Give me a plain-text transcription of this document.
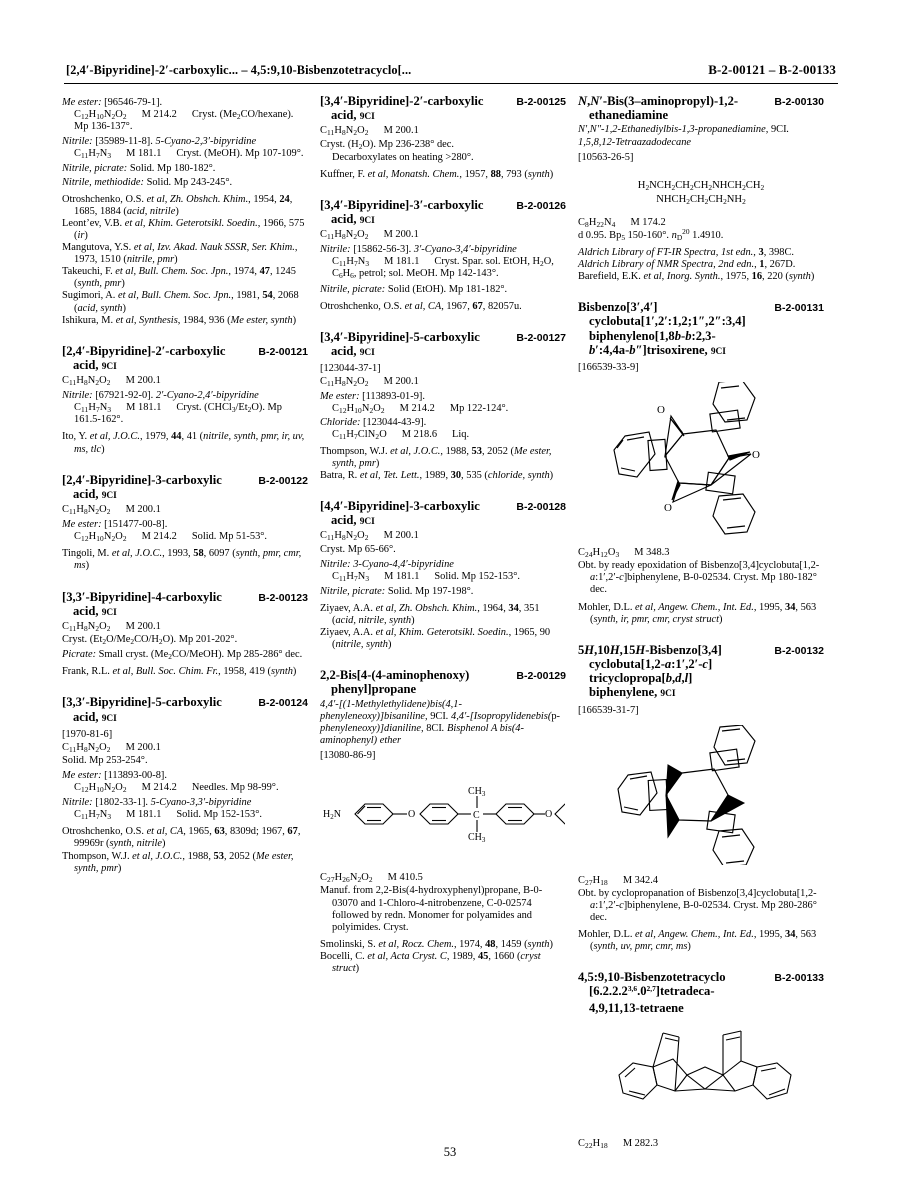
[2,4′-Bipyridine]-2′-carboxylic... – 4,5:9,10-Bisbenzotetracyclo[...	B-2-00121 – B-2-00133
Me ester: [96546-79-1].
$C_{12}H_{10}N_2O_2$ M 214.2 Cryst. $(Me_2CO/hexane)$. Mp 136-137°.
Nitrile: [35989-11-8]. 5-Cyano-2,3′-bipyridine
$C_{11}H_7N_3$ M 181.1 Cryst. (MeOH). Mp 107-109°.
Nitrile, picrate: Solid. Mp 180-182°.
Nitrile, methiodide: Solid. Mp 243-245°.
Otroshchenko, O.S. et al, Zh. Obshch. Khim., 1954, 24, 1685, 1884 (acid, nitrile)
Leont’ev, V.B. et al, Khim. Geterotsikl. Soedin., 1966, 575 (ir)
Mangutova, Y.S. et al, Izv. Akad. Nauk SSSR, Ser. Khim., 1973, 1510 (nitrile, pmr)
Takeuchi, F. et al, Bull. Chem. Soc. Jpn., 1974, 47, 1245 (synth, pmr)
Sugimori, A. et al, Bull. Chem. Soc. Jpn., 1981, 54, 2068 (acid, synth)
Ishikura, M. et al, Synthesis, 1984, 936 (Me ester, synth)
[2,4′-Bipyridine]-2′-carboxylic
acid, 9CI
B-2-00121
$C_{11}H_8N_2O_2$ M 200.1
Nitrile: [67921-92-0]. 2′-Cyano-2,4′-bipyridine
$C_{11}H_7N_3$ M 181.1 Cryst. $(CHCl_3/Et_2O)$. Mp 161.5-162°.
Ito, Y. et al, J.O.C., 1979, 44, 41 (nitrile, synth, pmr, ir, uv, ms, tlc)
[2,4′-Bipyridine]-3-carboxylic
acid, 9CI
B-2-00122
$C_{11}H_8N_2O_2$ M 200.1
Me ester: [151477-00-8].
$C_{12}H_{10}N_2O_2$ M 214.2 Solid. Mp 51-53°.
Tingoli, M. et al, J.O.C., 1993, 58, 6097 (synth, pmr, cmr, ms)
[3,3′-Bipyridine]-4-carboxylic
acid, 9CI
B-2-00123
$C_{11}H_8N_2O_2$ M 200.1
Cryst. $(Et_2O/Me_2CO/H_2O)$. Mp 201-202°.
Picrate: Small cryst. $(Me_2CO/MeOH)$. Mp 285-286° dec.
Frank, R.L. et al, Bull. Soc. Chim. Fr., 1958, 419 (synth)
[3,3′-Bipyridine]-5-carboxylic
acid, 9CI
B-2-00124
[1970-81-6]
$C_{11}H_8N_2O_2$ M 200.1
Solid. Mp 253-254°.
Me ester: [113893-00-8].
$C_{12}H_{10}N_2O_2$ M 214.2 Needles. Mp 98-99°.
Nitrile: [1802-33-1]. 5-Cyano-3,3′-bipyridine
$C_{11}H_7N_3$ M 181.1 Solid. Mp 152-153°.
Otroshchenko, O.S. et al, CA, 1965, 63, 8309d; 1967, 67, 99969r (synth, nitrile)
Thompson, W.J. et al, J.O.C., 1988, 53, 2052 (Me ester, synth, pmr)
[3,4′-Bipyridine]-2′-carboxylic
acid, 9CI
B-2-00125
$C_{11}H_8N_2O_2$ M 200.1
Cryst. $(H_2O)$. Mp 236-238° dec.
Decarboxylates on heating >280°.
Kuffner, F. et al, Monatsh. Chem., 1957, 88, 793 (synth)
[3,4′-Bipyridine]-3′-carboxylic
acid, 9CI
B-2-00126
$C_{11}H_8N_2O_2$ M 200.1
Nitrile: [15862-56-3]. 3′-Cyano-3,4′-bipyridine
$C_{11}H_7N_3$ M 181.1 Cryst. Spar. sol. EtOH, $H_2O$, $C_6H_6$, petrol; sol. MeOH. Mp 142-143°.
Nitrile, picrate: Solid (EtOH). Mp 181-182°.
Otroshchenko, O.S. et al, CA, 1967, 67, 82057u.
[3,4′-Bipyridine]-5-carboxylic
acid, 9CI
B-2-00127
[123044-37-1]
$C_{11}H_8N_2O_2$ M 200.1
Me ester: [113893-01-9].
$C_{12}H_{10}N_2O_2$ M 214.2 Mp 122-124°.
Chloride: [123044-43-9].
$C_{11}H_7ClN_2O$ M 218.6 Liq.
Thompson, W.J. et al, J.O.C., 1988, 53, 2052 (Me ester, synth, pmr)
Batra, R. et al, Tet. Lett., 1989, 30, 535 (chloride, synth)
[4,4′-Bipyridine]-3-carboxylic
acid, 9CI
B-2-00128
$C_{11}H_8N_2O_2$ M 200.1
Cryst. Mp 65-66°.
Nitrile: 3-Cyano-4,4′-bipyridine
$C_{11}H_7N_3$ M 181.1 Solid. Mp 152-153°.
Nitrile, picrate: Solid. Mp 197-198°.
Ziyaev, A.A. et al, Zh. Obshch. Khim., 1964, 34, 351 (acid, nitrile, synth)
Ziyaev, A.A. et al, Khim. Geterotsikl. Soedin., 1965, 90 (nitrile, synth)
2,2-Bis[4-(4-aminophenoxy)
phenyl]propane
B-2-00129
4,4′-[(1-Methylethylidene)bis(4,1-phenyleneoxy)]bisaniline, 9CI. 4,4′-[Isopropylidenebis(p-phenyleneoxy)]dianiline, 8CI. Bisphenol A bis(4-aminophenyl) ether
[13080-86-9]
$H_2N$	O	C
$CH_3$
$CH_3$
O

$C_{27}H_{26}N_2O_2$ M 410.5
Manuf. from 2,2-Bis(4-hydroxyphenyl)propane, B-0-03070 and 1-Chloro-4-nitrobenzene, C-0-02574 followed by redn. Monomer for polyamides and polyimides. Cryst.
Smolinski, S. et al, Rocz. Chem., 1974, 48, 1459 (synth)
Bocelli, C. et al, Acta Cryst. C, 1989, 45, 1660 (cryst struct)
N,N′-Bis(3–aminopropyl)-1,2-
ethanediamine
B-2-00130
N′,N″-1,2-Ethanediylbis-1,3-propanediamine, 9CI. 1,5,8,12-Tetraazadodecane
[10563-26-5]
$H_2NCH_2CH_2CH_2NHCH_2CH_2$
$NHCH_2CH_2CH_2NH_2$
$C_8H_{22}N_4$ M 174.2
d 0.95. $Bp_5$ 150-160°. $n_D^{20}$ 1.4910.
Aldrich Library of FT-IR Spectra, 1st edn., 3, 398C.
Aldrich Library of NMR Spectra, 2nd edn., 1, 267D.
Barefield, E.K. et al, Inorg. Synth., 1975, 16, 220 (synth)
Bisbenzo[3′,4′]
cyclobuta[1′,2′:1,2;1″,2″:3,4]
biphenyleno[1,8b-b:2,3-
b′:4,4a-b″]trisoxirene, 9CI
B-2-00131
[166539-33-9]
O
O
O
$C_{24}H_{12}O_3$ M 348.3
Obt. by ready epoxidation of Bisbenzo[3,4]cyclobuta[1,2-a:1′,2′-c]biphenylene, B-0-02534. Cryst. Mp 180-182° dec.
Mohler, D.L. et al, Angew. Chem., Int. Ed., 1995, 34, 563 (synth, ir, pmr, cmr, cryst struct)
5H,10H,15H-Bisbenzo[3,4]
cyclobuta[1,2-a:1′,2′-c]
tricyclopropa[b,d,l]
biphenylene, 9CI
B-2-00132
[166539-31-7]
$C_{27}H_{18}$ M 342.4
Obt. by cyclopropanation of Bisbenzo[3,4]cyclobuta[1,2-a:1′,2′-c]biphenylene, B-0-02534. Cryst. Mp 280-286° dec.
Mohler, D.L. et al, Angew. Chem., Int. Ed., 1995, 34, 563 (synth, uv, pmr, cmr, ms)
4,5:9,10-Bisbenzotetracyclo
[6.2.2.2$^{3,6}$.0$^{2,7}$]tetradeca-
4,9,11,13-tetraene
B-2-00133
$C_{22}H_{18}$ M 282.3
53
